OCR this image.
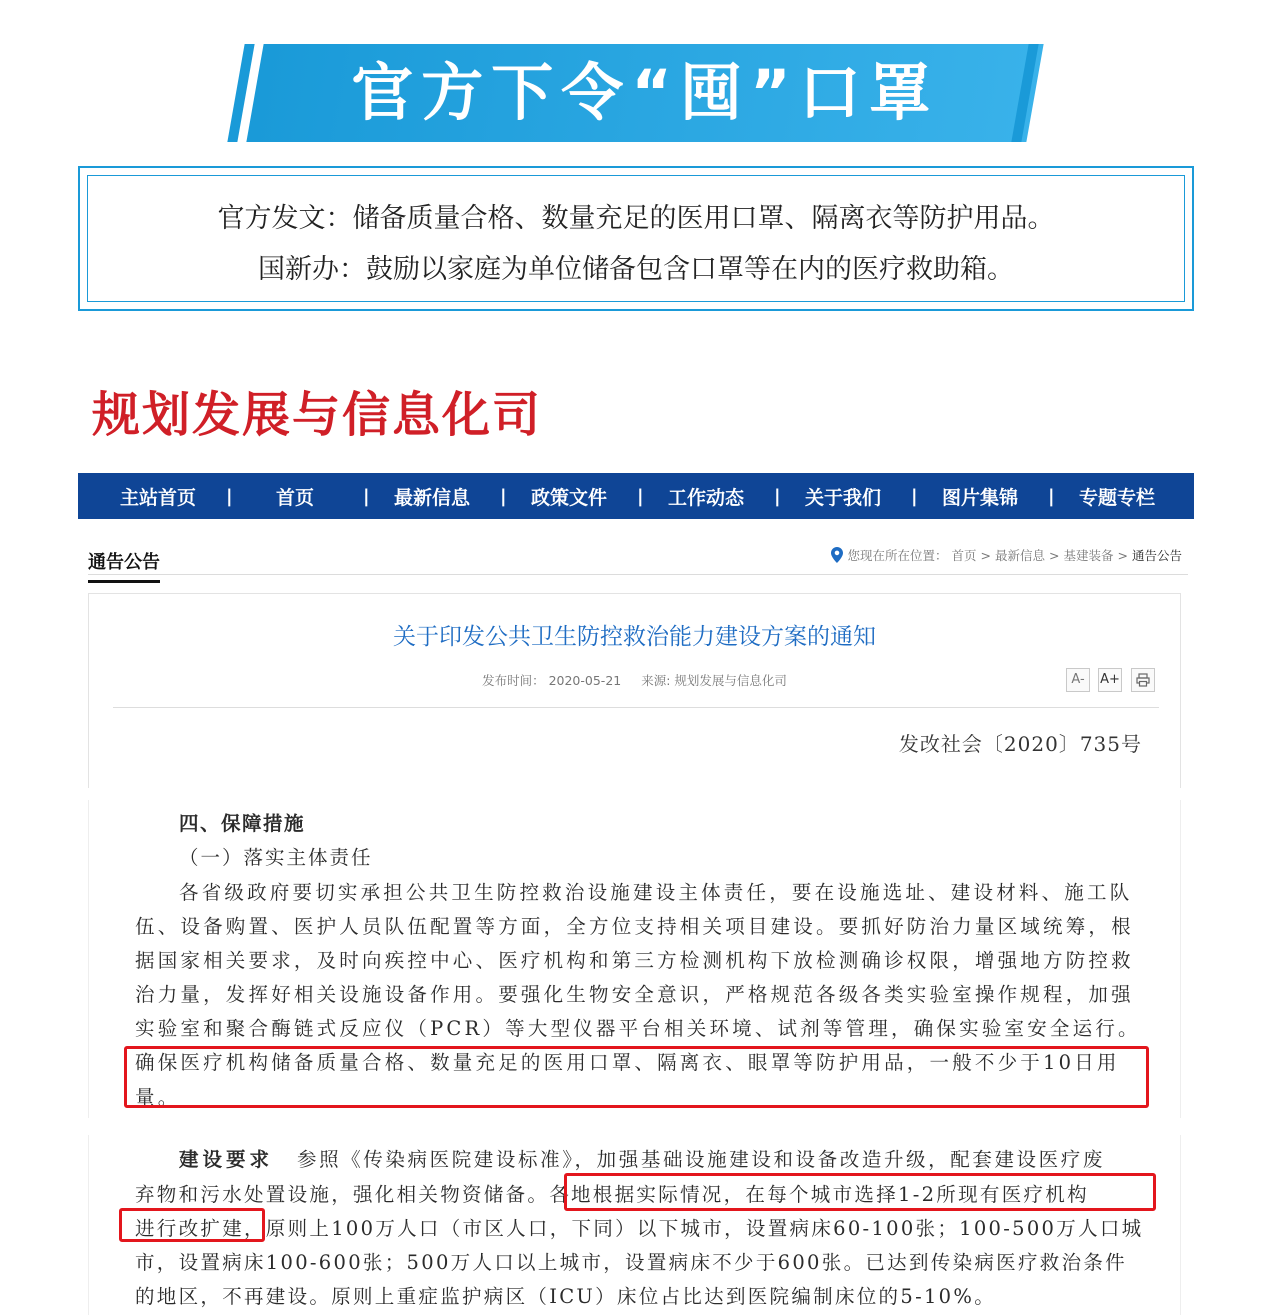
官方下令“囤”口罩
官方发文：储备质量合格、数量充足的医用口罩、隔离衣等防护用品。
国新办：鼓励以家庭为单位储备包含口罩等在内的医疗救助箱。
规划发展与信息化司
主站首页	|	首页	|	最新信息	|	政策文件	|	工作动态	|	关于我们	|	图片集锦	|	专题专栏
通告公告	您现在所在位置： 首页 > 最新信息 > 基建装备 > 通告公告
关于印发公共卫生防控救治能力建设方案的通知
发布时间： 2020-05-21 来源: 规划发展与信息化司	A-	A+
发改社会〔2020〕735号
四、保障措施
（一）落实主体责任
各省级政府要切实承担公共卫生防控救治设施建设主体责任，要在设施选址、建设材料、施工队
伍、设备购置、医护人员队伍配置等方面，全方位支持相关项目建设。要抓好防治力量区域统筹，根
据国家相关要求，及时向疾控中心、医疗机构和第三方检测机构下放检测确诊权限，增强地方防控救
治力量，发挥好相关设施设备作用。要强化生物安全意识，严格规范各级各类实验室操作规程，加强
实验室和聚合酶链式反应仪（PCR）等大型仪器平台相关环境、试剂等管理，确保实验室安全运行。
确保医疗机构储备质量合格、数量充足的医用口罩、隔离衣、眼罩等防护用品，一般不少于10日用
量。
建设要求 参照《传染病医院建设标准》，加强基础设施建设和设备改造升级，配套建设医疗废
弃物和污水处置设施，强化相关物资储备。各地根据实际情况，在每个城市选择1-2所现有医疗机构
进行改扩建，原则上100万人口（市区人口，下同）以下城市，设置病床60-100张；100-500万人口城
市，设置病床100-600张；500万人口以上城市，设置病床不少于600张。已达到传染病医疗救治条件
的地区，不再建设。原则上重症监护病区（ICU）床位占比达到医院编制床位的5-10%。
